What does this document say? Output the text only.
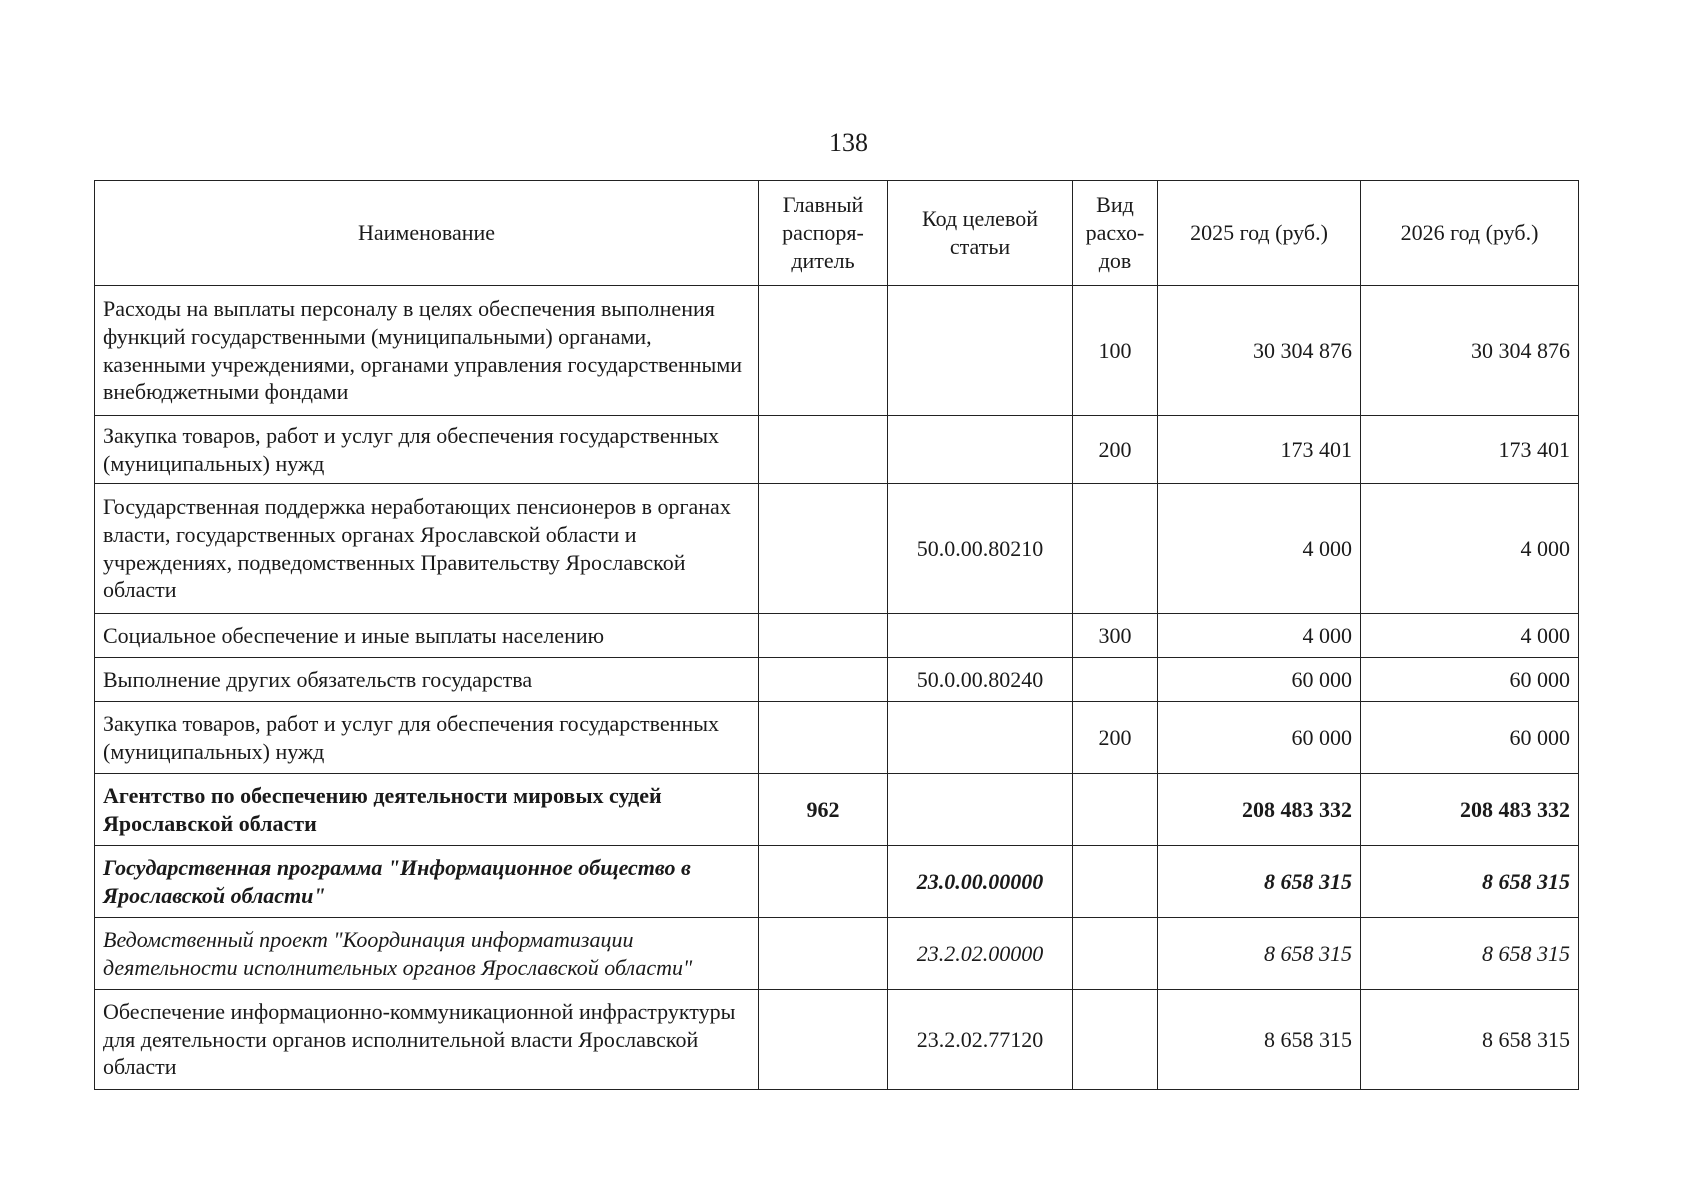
138
Наименование	Главный распоря-дитель	Код целевой статьи	Вид расхо-дов	2025 год (руб.)	2026 год (руб.)
Расходы на выплаты персоналу в целях обеспечения выполнения функций государственными (муниципальными) органами, казенными учреждениями, органами управления государственными внебюджетными фондами			100	30 304 876	30 304 876
Закупка товаров, работ и услуг для обеспечения государственных (муниципальных) нужд			200	173 401	173 401
Государственная поддержка неработающих пенсионеров в органах власти, государственных органах Ярославской области и учреждениях, подведомственных Правительству Ярославской области		50.0.00.80210		4 000	4 000
Социальное обеспечение и иные выплаты населению			300	4 000	4 000
Выполнение других обязательств государства		50.0.00.80240		60 000	60 000
Закупка товаров, работ и услуг для обеспечения государственных (муниципальных) нужд			200	60 000	60 000
Агентство по обеспечению деятельности мировых судей Ярославской области	962			208 483 332	208 483 332
Государственная программа "Информационное общество в Ярославской области"		23.0.00.00000		8 658 315	8 658 315
Ведомственный проект "Координация информатизации деятельности исполнительных органов Ярославской области"		23.2.02.00000		8 658 315	8 658 315
Обеспечение информационно-коммуникационной инфраструктуры для деятельности органов исполнительной власти Ярославской области		23.2.02.77120		8 658 315	8 658 315
